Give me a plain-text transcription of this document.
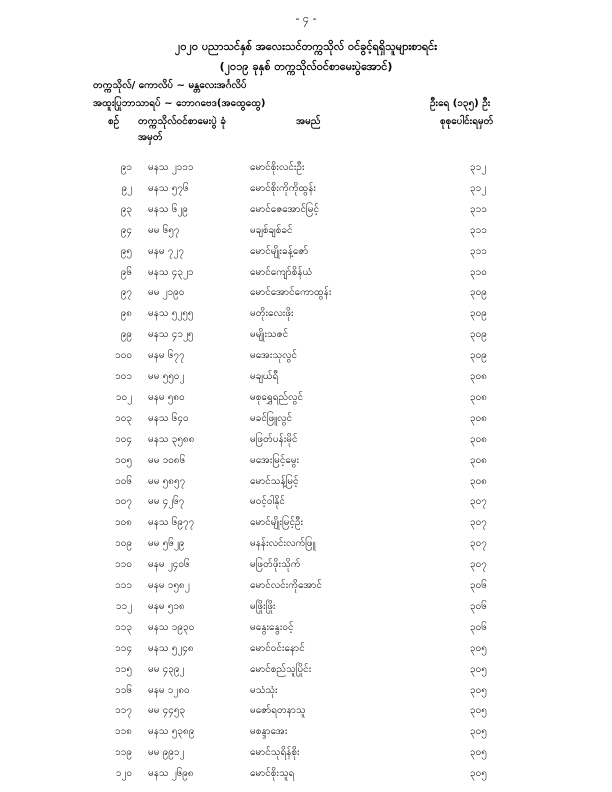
- ၄ -
၂၀၂၀ ပညာသင်နှစ် အလေးသင်တက္ကသိုလ် ဝင်ခွင့်ရရှိသူများစာရင်း
(၂၀၁၉ ခုနှစ် တက္ကသိုလ်ဝင်စာမေးပွဲအောင်)
တက္ကသိုလ်/ ကောလိပ် ~ မန္တလေးအင်္ဂလိပ်
အထူးပြုဘာသာရပ် ~ ဘောဂဗေဒ(အထွေထွေ)	ဦးရေ (၁၃၅) ဦး
စဉ် တက္ကသိုလ်ဝင်စာမေးပွဲ ခုံအမှတ်
အမည်	စုစုပေါင်းရမှတ်
၉၁ မနသ ၂၁၁၁	မောင်စိုးလင်းဦး	၃၁၂
၉၂ မနသ ၅၇၆	မောင်စိုးကိုကိုထွန်း	၃၁၂
၉၃ မနသ ၆၂၉	မောင်ဇေအောင်မြင့်	၃၁၁
၉၄ မမ ၆၅၇	မချစ်ချစ်ခင်	၃၁၁
၉၅ မနမ ၇၂၇	မောင်မျိုးခန့်ဇော်	၃၁၁
၉၆ မနသ ၄၃၂၁	မောင်ကျော်စိန်ယံ	၃၁၀
၉၇ မမ ၂၁၉၀	မောင်အောင်ကောထွန်း	၃၀၉
၉၈ မနသ ၅၂၅၅	မတိုးလေးဖိုး	၃၀၉
၉၉ မနသ ၄၁၂၅	မမျိုးသဇင်	၃၀၉
၁၀၀ မနမ ၆၇၇	မအေးသုလွင်	၃၀၉
၁၀၁ မမ ၅၅၀၂	မချယ်ရီ	၃၀၈
၁၀၂ မနမ ၅၈၀	မစုရွှေရည်လွင်	၃၀၈
၁၀၃ မနသ ၆၄၀	မခင်ဖြူလွင်	၃၀၈
၁၀၄ မနသ ၃၅၈၈	မဖြတ်ပန်းမိုင်	၃၀၈
၁၀၅ မမ ၁၀၈၆	မအေးမြင့်မွေး	၃၀၈
၁၀၆ မမ ၅၈၅၇	မောင်သန့်မြင့်	၃၀၈
၁၀၇ မမ ၄၂၆၇	မဝင့်ဝါနိုင်	၃၀၇
၁၀၈ မနသ ၆၉၇၇	မောင်မျိုးမြင့်ဦး	၃၀၇
၁၀၉ မမ ၅၆၂၉	မနန်းလင်းလက်ဖြူ	၃၀၇
၁၁၀ မနမ ၂၄၀၆	မဖြတ်ဖိုးသိုက်	၃၀၇
၁၁၁ မနမ ၁၅၈၂	မောင်လင်းကိုအောင်	၃၀၆
၁၁၂ မနမ ၅၁၈	မဖြိုးဖြိုး	၃၀၆
၁၁၃ မနသ ၁၉၃၀	မနွေးနွေးဝင့်	၃၀၆
၁၁၄ မနသ ၅၂၄၈	မောင်ဝင်းနောင်	၃၀၅
၁၁၅ မမ ၄၃၉၂	မောင်စည်သူပြိုင်း	၃၀၅
၁၁၆ မနမ ၁၂၈၀	မသံသုံး	၃၀၅
၁၁၇ မမ ၄၄၅၃	မဇော်ရတနာသူ	၃၀၅
၁၁၈ မနသ ၅၃၈၉	မစန္ဒာအေး	၃၀၅
၁၁၉ မမ ၉၉၁၂	မောင်သုရိန်စိုး	၃၀၅
၁၂၀ မနသ ၂၆၉၈	မောင်စိုးသူရ	၃၀၅
